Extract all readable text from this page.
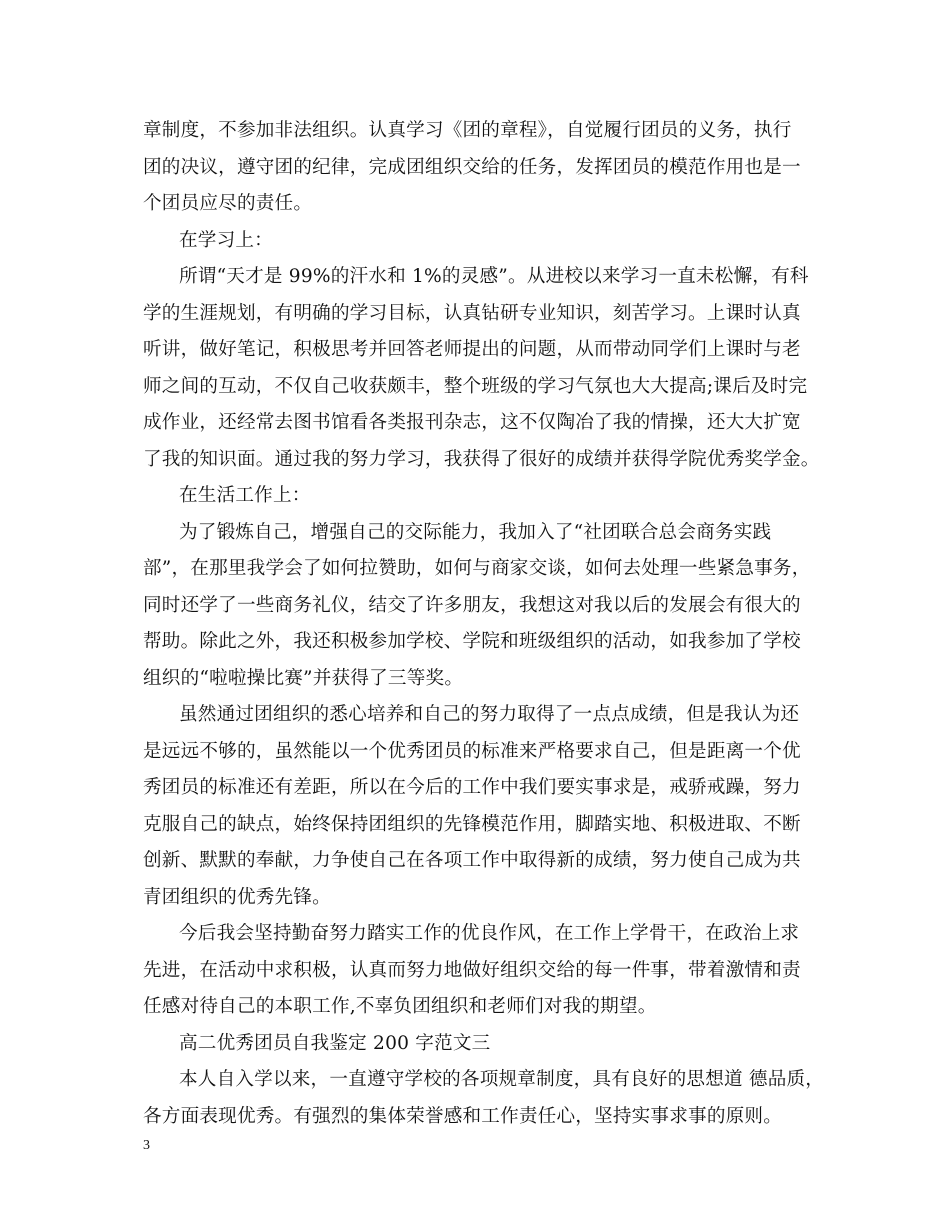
章制度，不参加非法组织。认真学习《团的章程》，自觉履行团员的义务，执行
团的决议，遵守团的纪律，完成团组织交给的任务，发挥团员的模范作用也是一
个团员应尽的责任。
在学习上：
所谓“天才是 99%的汗水和 1%的灵感”。从进校以来学习一直未松懈，有科
学的生涯规划，有明确的学习目标，认真钻研专业知识，刻苦学习。上课时认真
听讲，做好笔记，积极思考并回答老师提出的问题，从而带动同学们上课时与老
师之间的互动，不仅自己收获颇丰，整个班级的学习气氛也大大提高;课后及时完
成作业，还经常去图书馆看各类报刊杂志，这不仅陶冶了我的情操，还大大扩宽
了我的知识面。通过我的努力学习，我获得了很好的成绩并获得学院优秀奖学金。
在生活工作上：
为了锻炼自己，增强自己的交际能力，我加入了“社团联合总会商务实践
部”，在那里我学会了如何拉赞助，如何与商家交谈，如何去处理一些紧急事务，
同时还学了一些商务礼仪，结交了许多朋友，我想这对我以后的发展会有很大的
帮助。除此之外，我还积极参加学校、学院和班级组织的活动，如我参加了学校
组织的“啦啦操比赛”并获得了三等奖。
虽然通过团组织的悉心培养和自己的努力取得了一点点成绩，但是我认为还
是远远不够的，虽然能以一个优秀团员的标准来严格要求自己，但是距离一个优
秀团员的标准还有差距，所以在今后的工作中我们要实事求是，戒骄戒躁，努力
克服自己的缺点，始终保持团组织的先锋模范作用，脚踏实地、积极进取、不断
创新、默默的奉献，力争使自己在各项工作中取得新的成绩，努力使自己成为共
青团组织的优秀先锋。
今后我会坚持勤奋努力踏实工作的优良作风，在工作上学骨干，在政治上求
先进，在活动中求积极，认真而努力地做好组织交给的每一件事，带着激情和责
任感对待自己的本职工作,不辜负团组织和老师们对我的期望。
高二优秀团员自我鉴定 200 字范文三
本人自入学以来，一直遵守学校的各项规章制度，具有良好的思想道 德品质，
各方面表现优秀。有强烈的集体荣誉感和工作责任心，坚持实事求事的原则。
3
